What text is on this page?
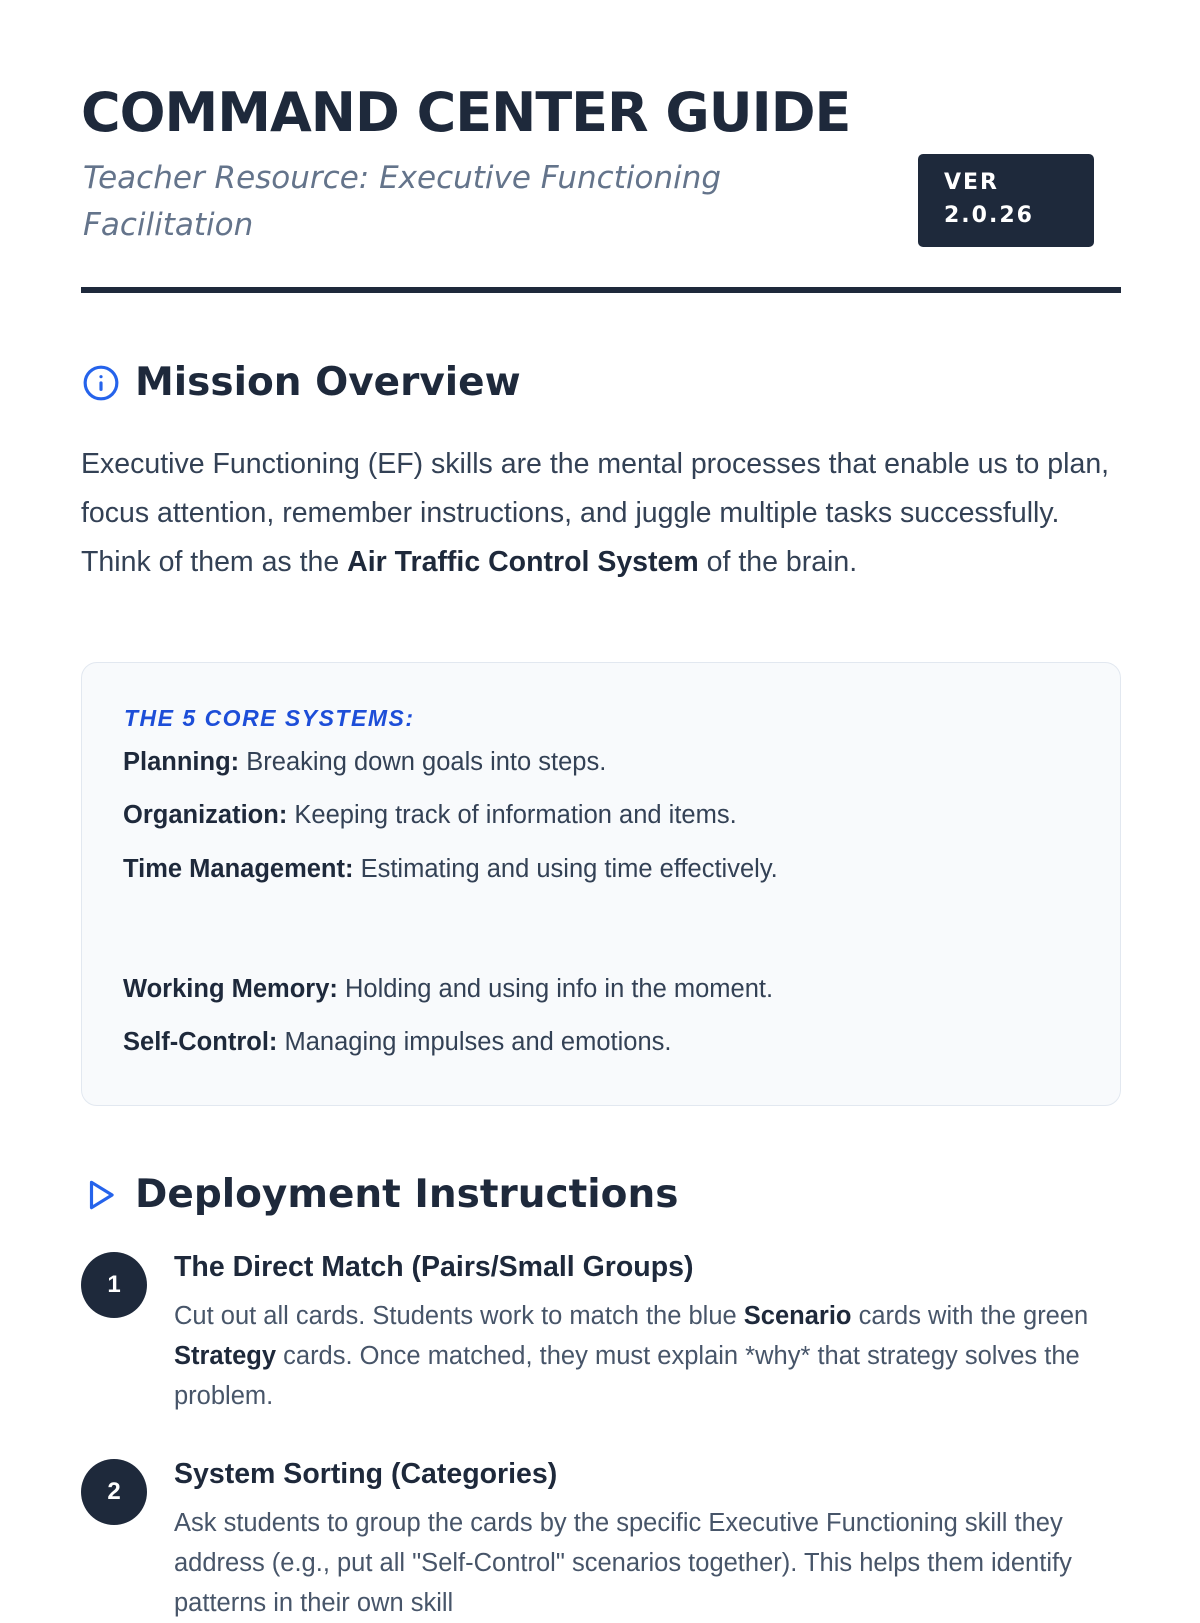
COMMAND CENTER GUIDE

Teacher Resource: Executive Functioning Facilitation

VER
2.0.26
Mission Overview

Executive Functioning (EF) skills are the mental processes that enable us to plan, focus attention, remember instructions, and juggle multiple tasks successfully. Think of them as the Air Traffic Control System of the brain.

THE 5 CORE SYSTEMS:

Planning: Breaking down goals into steps.

Organization: Keeping track of information and items.

Time Management: Estimating and using time effectively.

Working Memory: Holding and using info in the moment.

Self-Control: Managing impulses and emotions.

Deployment Instructions
1
The Direct Match (Pairs/Small Groups)

Cut out all cards. Students work to match the blue Scenario cards with the green Strategy cards. Once matched, they must explain *why* that strategy solves the problem.

2
System Sorting (Categories)

Ask students to group the cards by the specific Executive Functioning skill they address (e.g., put all "Self-Control" scenarios together). This helps them identify patterns in their own skill
